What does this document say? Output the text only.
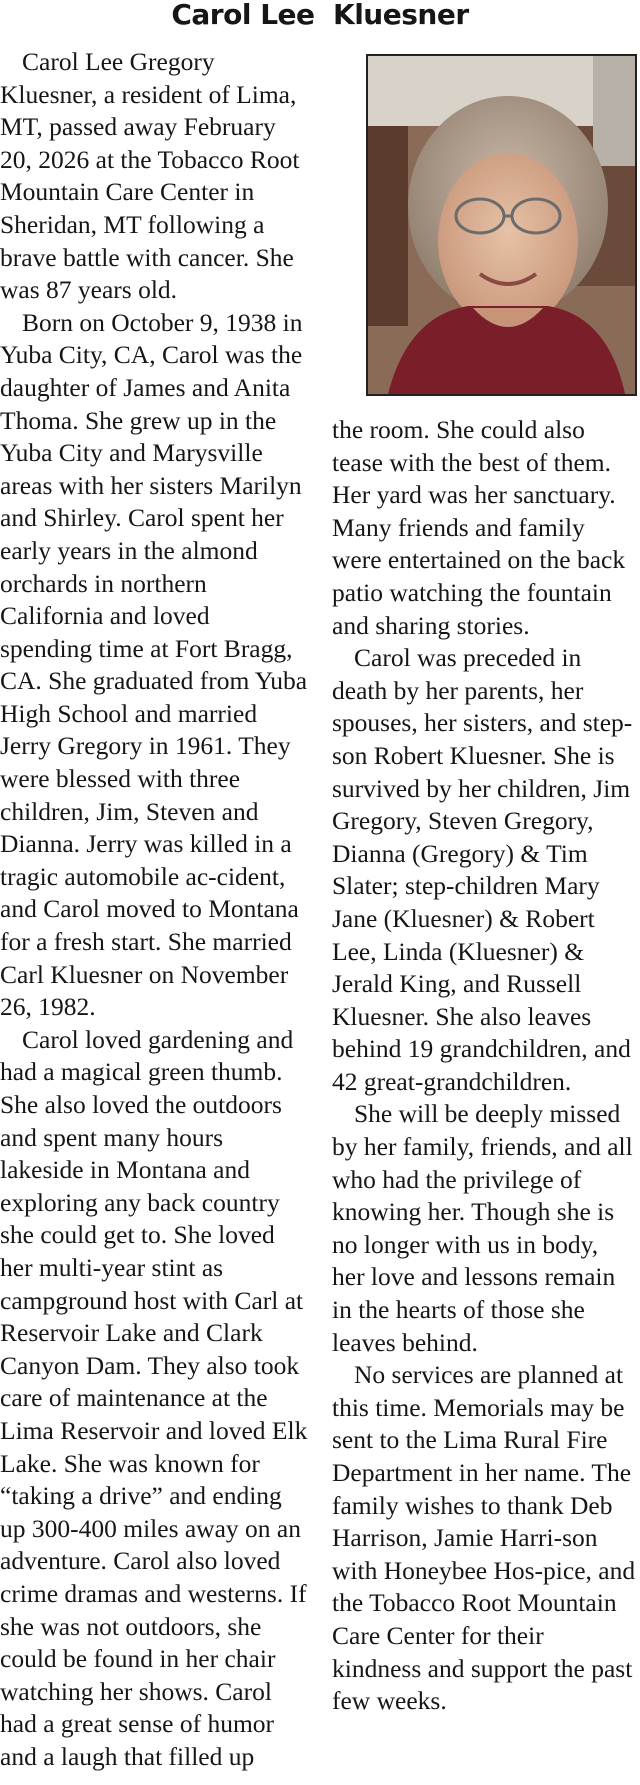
Carol Lee  Kluesner

Carol Lee Gregory Kluesner, a resident of Lima, MT, passed away February 20, 2026 at the Tobacco Root Mountain Care Center in Sheridan, MT following a brave battle with cancer. She was 87 years old.

Born on October 9, 1938 in Yuba City, CA, Carol was the daughter of James and Anita Thoma. She grew up in the Yuba City and Marysville areas with her sisters Marilyn and Shirley. Carol spent her early years in the almond orchards in northern California and loved spending time at Fort Bragg, CA. She graduated from Yuba High School and married Jerry Gregory in 1961. They were blessed with three children, Jim, Steven and Dianna. Jerry was killed in a tragic automobile ac-cident, and Carol moved to Montana for a fresh start. She married Carl Kluesner on November 26, 1982.

Carol loved gardening and had a magical green thumb. She also loved the outdoors and spent many hours lakeside in Montana and exploring any back country she could get to. She loved her multi-year stint as campground host with Carl at Reservoir Lake and Clark Canyon Dam. They also took care of maintenance at the Lima Reservoir and loved Elk Lake. She was known for “taking a drive” and ending up 300-400 miles away on an adventure. Carol also loved crime dramas and westerns. If she was not outdoors, she could be found in her chair watching her shows. Carol had a great sense of humor and a laugh that filled up

the room. She could also tease with the best of them. Her yard was her sanctuary. Many friends and family were entertained on the back patio watching the fountain and sharing stories.

Carol was preceded in death by her parents, her spouses, her sisters, and step-son Robert Kluesner. She is survived by her children, Jim Gregory, Steven Gregory, Dianna (Gregory) & Tim Slater; step-children Mary Jane (Kluesner) & Robert Lee, Linda (Kluesner) & Jerald King, and Russell Kluesner. She also leaves behind 19 grandchildren, and 42 great-grandchildren.

She will be deeply missed by her family, friends, and all who had the privilege of knowing her. Though she is no longer with us in body, her love and lessons remain in the hearts of those she leaves behind.

No services are planned at this time. Memorials may be sent to the Lima Rural Fire Department in her name. The family wishes to thank Deb Harrison, Jamie Harri-son with Honeybee Hos-pice, and the Tobacco Root Mountain Care Center for their kindness and support the past few weeks.
